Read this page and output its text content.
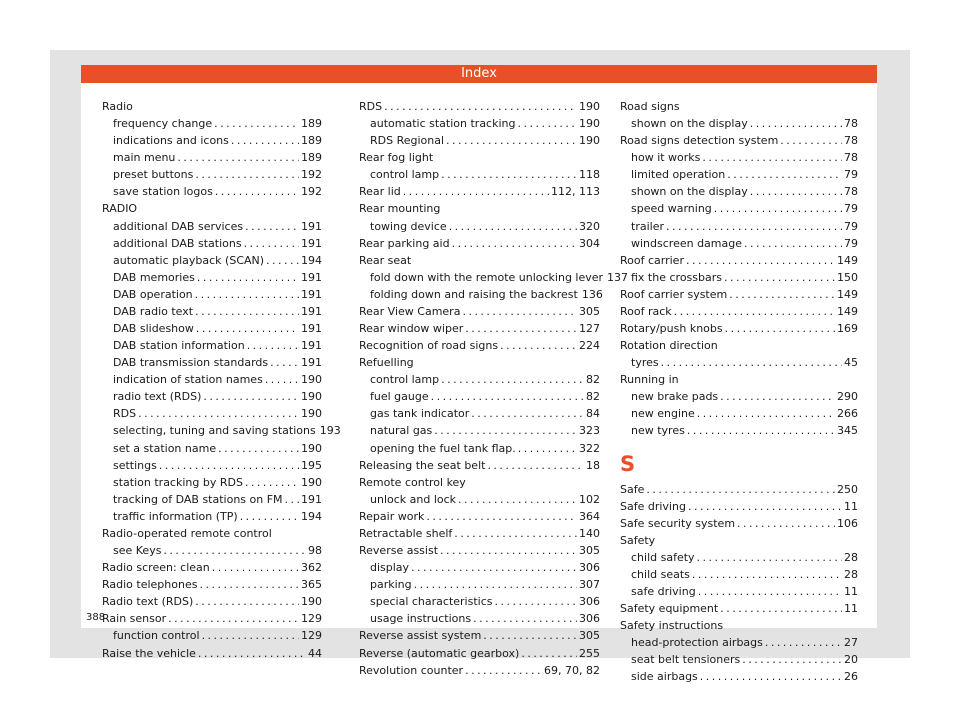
Index
Radio
frequency change . . .	189
indications and icons . . .	189
main menu . . .	189
preset buttons . . .	192
save station logos . . .	192
RADIO
additional DAB services . . .	191
additional DAB stations . . .	191
automatic playback (SCAN) . . .	194
DAB memories . . .	191
DAB operation . . .	191
DAB radio text . . .	191
DAB slideshow . . .	191
DAB station information . . .	191
DAB transmission standards . . .	191
indication of station names . . .	190
radio text (RDS) . . .	190
RDS . . .	190
selecting, tuning and saving stations 193
set a station name . . .	190
settings . . .	195
station tracking by RDS . . .	190
tracking of DAB stations on FM . . . 191
traffic information (TP) . . .	194
Radio-operated remote control
see Keys . . .	98
Radio screen: clean . . .	362
Radio telephones . . .	365
Radio text (RDS) . . .	190
Rain sensor . . .	129
function control . . .	129
Raise the vehicle . . .	44
RDS . . .	190
automatic station tracking . . .	190
RDS Regional . . .	190
Rear fog light
control lamp . . .	118
Rear lid . . .	112, 113
Rear mounting
towing device . . .	320
Rear parking aid . . .	304
Rear seat
fold down with the remote unlocking lever 137
folding down and raising the backrest 136
Rear View Camera . . .	305
Rear window wiper . . .	127
Recognition of road signs . . .	224
Refuelling
control lamp . . .	82
fuel gauge . . .	82
gas tank indicator . . .	84
natural gas . . .	323
opening the fuel tank flap. . . .	322
Releasing the seat belt . . .	18
Remote control key
unlock and lock . . .	102
Repair work . . .	364
Retractable shelf . . .	140
Reverse assist . . .	305
display . . .	306
parking . . .	307
special characteristics . . .	306
usage instructions . . .	306
Reverse assist system . . .	305
Reverse (automatic gearbox) . . .	255
Revolution counter . . .	69, 70, 82
Road signs
shown on the display . . .	78
Road signs detection system . . .	78
how it works . . .	78
limited operation . . .	79
shown on the display . . .	78
speed warning . . .	79
trailer . . .	79
windscreen damage . . .	79
Roof carrier . . .	149
fix the crossbars . . .	150
Roof carrier system . . .	149
Roof rack . . .	149
Rotary/push knobs . . .	169
Rotation direction
tyres . . .	45
Running in
new brake pads . . .	290
new engine . . .	266
new tyres . . .	345
S
Safe . . .	250
Safe driving . . .	11
Safe security system . . .	106
Safety
child safety . . .	28
child seats . . .	28
safe driving . . .	11
Safety equipment . . .	11
Safety instructions
head-protection airbags . . .	27
seat belt tensioners . . .	20
side airbags . . .	26
388
